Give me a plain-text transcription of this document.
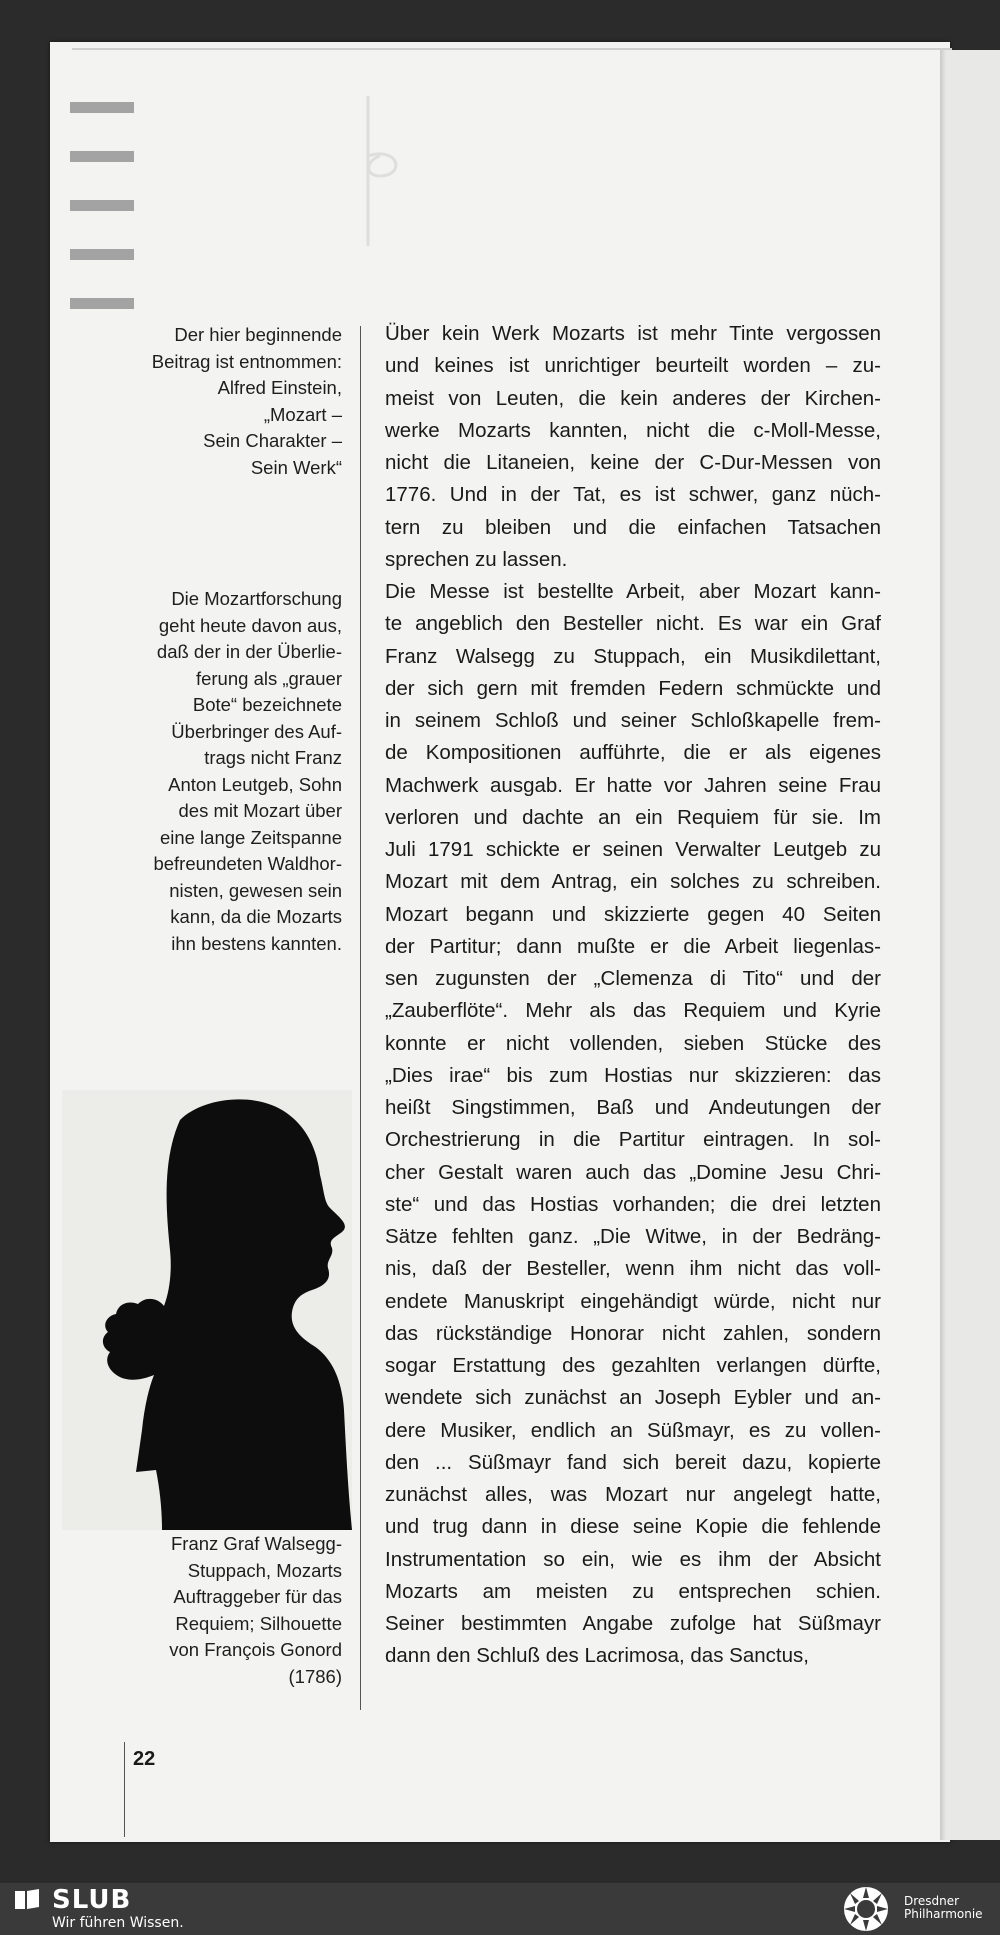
Der hier beginnende

Beitrag ist entnommen:

Alfred Einstein,

„Mozart –

Sein Charakter –

Sein Werk“

Die Mozartforschung

geht heute davon aus,

daß der in der Überlie-

ferung als „grauer

Bote“ bezeichnete

Überbringer des Auf-

trags nicht Franz

Anton Leutgeb, Sohn

des mit Mozart über

eine lange Zeitspanne

befreundeten Waldhor-

nisten, gewesen sein

kann, da die Mozarts

ihn bestens kannten.

Franz Graf Walsegg-

Stuppach, Mozarts

Auftraggeber für das

Requiem; Silhouette

von François Gonord

(1786)

Über kein Werk Mozarts ist mehr Tinte vergossen
und keines ist unrichtiger beurteilt worden – zu-
meist von Leuten, die kein anderes der Kirchen-
werke Mozarts kannten, nicht die c-Moll-Messe,
nicht die Litaneien, keine der C-Dur-Messen von
1776. Und in der Tat, es ist schwer, ganz nüch-
tern zu bleiben und die einfachen Tatsachen
sprechen zu lassen.
Die Messe ist bestellte Arbeit, aber Mozart kann-
te angeblich den Besteller nicht. Es war ein Graf
Franz Walsegg zu Stuppach, ein Musikdilettant,
der sich gern mit fremden Federn schmückte und
in seinem Schloß und seiner Schloßkapelle frem-
de Kompositionen aufführte, die er als eigenes
Machwerk ausgab. Er hatte vor Jahren seine Frau
verloren und dachte an ein Requiem für sie. Im
Juli 1791 schickte er seinen Verwalter Leutgeb zu
Mozart mit dem Antrag, ein solches zu schreiben.
Mozart begann und skizzierte gegen 40 Seiten
der Partitur; dann mußte er die Arbeit liegenlas-
sen zugunsten der „Clemenza di Tito“ und der
„Zauberflöte“. Mehr als das Requiem und Kyrie
konnte er nicht vollenden, sieben Stücke des
„Dies irae“ bis zum Hostias nur skizzieren: das
heißt Singstimmen, Baß und Andeutungen der
Orchestrierung in die Partitur eintragen. In sol-
cher Gestalt waren auch das „Domine Jesu Chri-
ste“ und das Hostias vorhanden; die drei letzten
Sätze fehlten ganz. „Die Witwe, in der Bedräng-
nis, daß der Besteller, wenn ihm nicht das voll-
endete Manuskript eingehändigt würde, nicht nur
das rückständige Honorar nicht zahlen, sondern
sogar Erstattung des gezahlten verlangen dürfte,
wendete sich zunächst an Joseph Eybler und an-
dere Musiker, endlich an Süßmayr, es zu vollen-
den ... Süßmayr fand sich bereit dazu, kopierte
zunächst alles, was Mozart nur angelegt hatte,
und trug dann in diese seine Kopie die fehlende
Instrumentation so ein, wie es ihm der Absicht
Mozarts am meisten zu entsprechen schien.
Seiner bestimmten Angabe zufolge hat Süßmayr
dann den Schluß des Lacrimosa, das Sanctus,
22
SLUB
Wir führen Wissen.
Dresdner
Philharmonie
